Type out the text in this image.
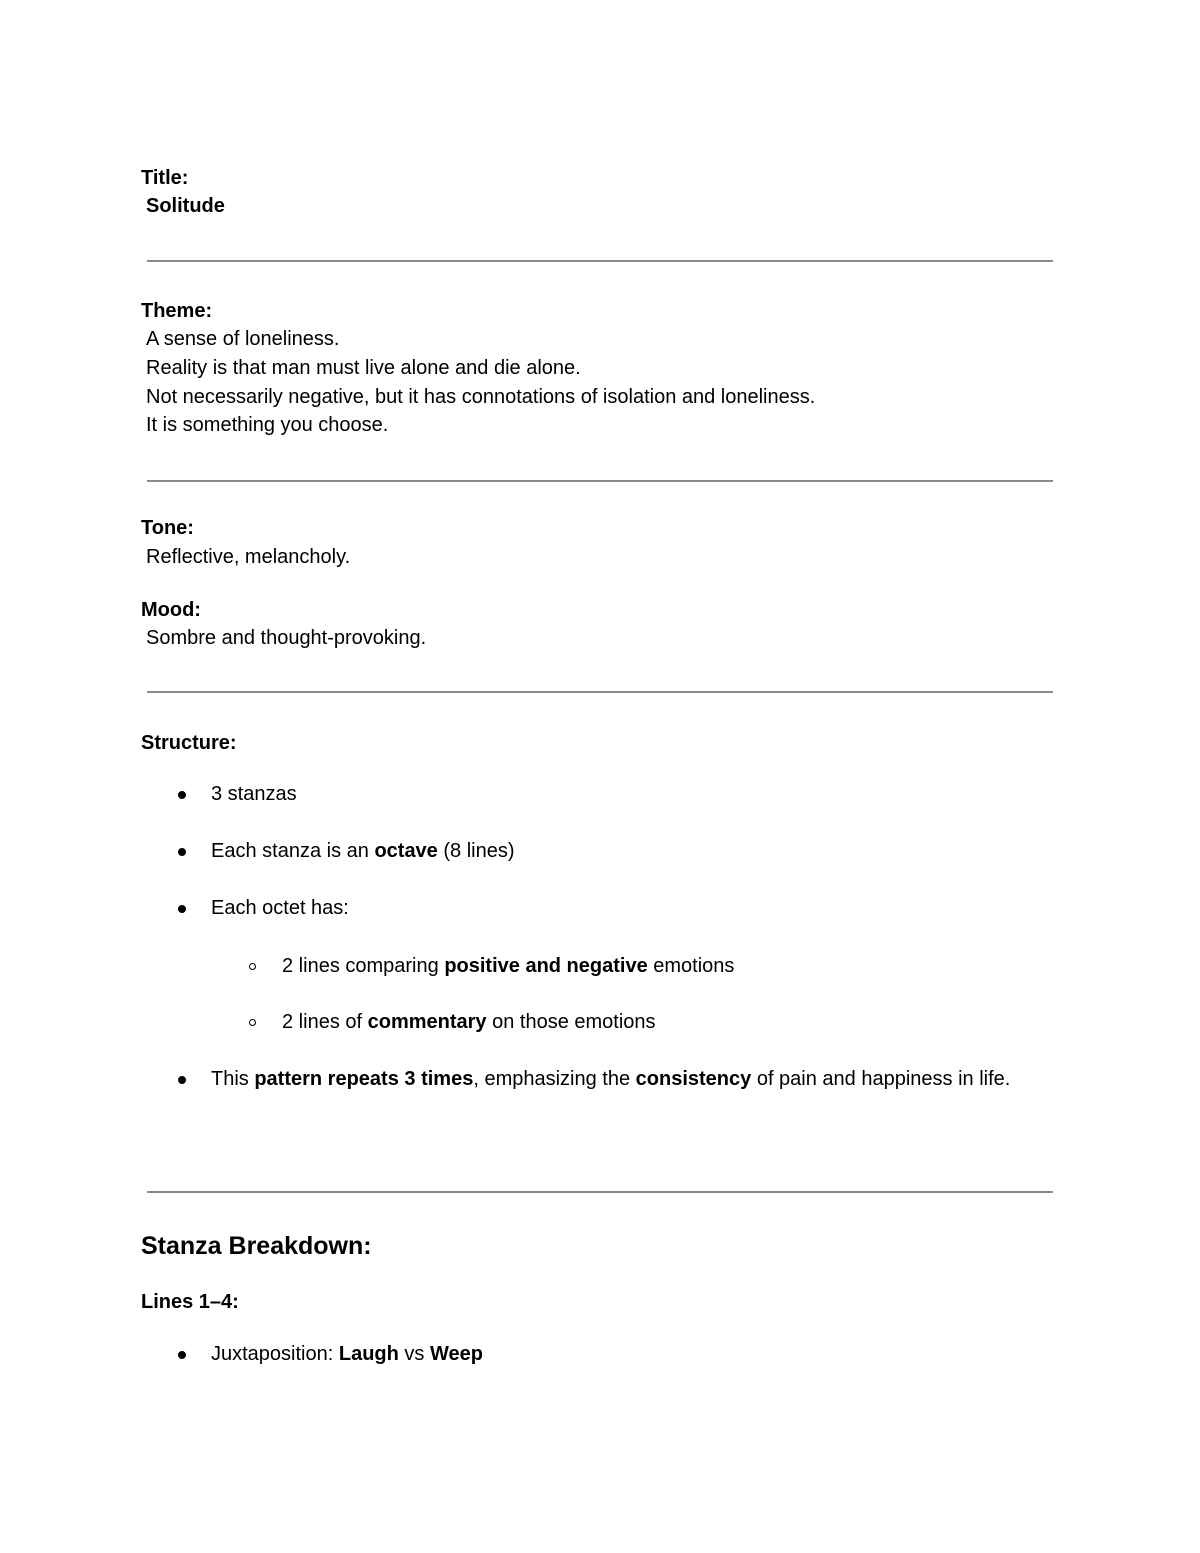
Title:
Solitude
Theme:
A sense of loneliness.
Reality is that man must live alone and die alone.
Not necessarily negative, but it has connotations of isolation and loneliness.
It is something you choose.
Tone:
Reflective, melancholy.
Mood:
Sombre and thought-provoking.
Structure:
3 stanzas
Each stanza is an octave (8 lines)
Each octet has:
2 lines comparing positive and negative emotions
2 lines of commentary on those emotions
This pattern repeats 3 times, emphasizing the consistency of pain and happiness in life.
Stanza Breakdown:
Lines 1–4:
Juxtaposition: Laugh vs Weep
